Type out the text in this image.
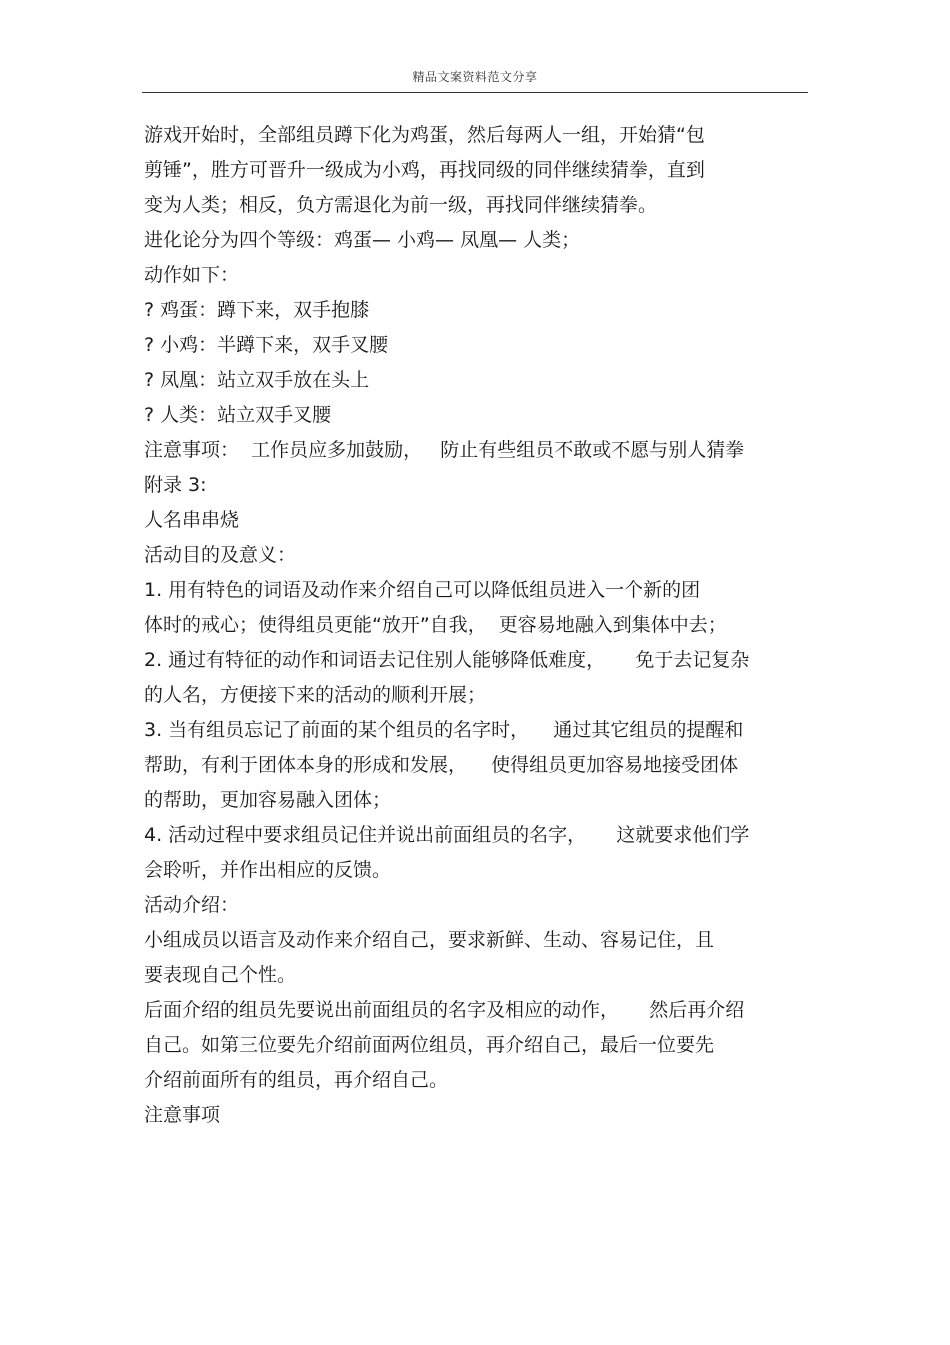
精品文案资料范文分享
游戏开始时，全部组员蹲下化为鸡蛋，然后每两人一组，开始猜“包
剪锤”，胜方可晋升一级成为小鸡，再找同级的同伴继续猜拳，直到
变为人类；相反，负方需退化为前一级，再找同伴继续猜拳。
进化论分为四个等级：鸡蛋— 小鸡— 凤凰— 人类；
动作如下：
? 鸡蛋：蹲下来，双手抱膝
? 小鸡：半蹲下来，双手叉腰
? 凤凰：站立双手放在头上
? 人类：站立双手叉腰
注意事项：  工作员应多加鼓励，   防止有些组员不敢或不愿与别人猜拳
附录 3:
人名串串烧
活动目的及意义：
1. 用有特色的词语及动作来介绍自己可以降低组员进入一个新的团
体时的戒心；使得组员更能“放开”自我，  更容易地融入到集体中去；
2. 通过有特征的动作和词语去记住别人能够降低难度，     免于去记复杂
的人名，方便接下来的活动的顺利开展；
3. 当有组员忘记了前面的某个组员的名字时，    通过其它组员的提醒和
帮助，有利于团体本身的形成和发展，    使得组员更加容易地接受团体
的帮助，更加容易融入团体；
4. 活动过程中要求组员记住并说出前面组员的名字，     这就要求他们学
会聆听，并作出相应的反馈。
活动介绍：
小组成员以语言及动作来介绍自己，要求新鲜、生动、容易记住，且
要表现自己个性。
后面介绍的组员先要说出前面组员的名字及相应的动作，     然后再介绍
自己。如第三位要先介绍前面两位组员，再介绍自己，最后一位要先
介绍前面所有的组员，再介绍自己。
注意事项
